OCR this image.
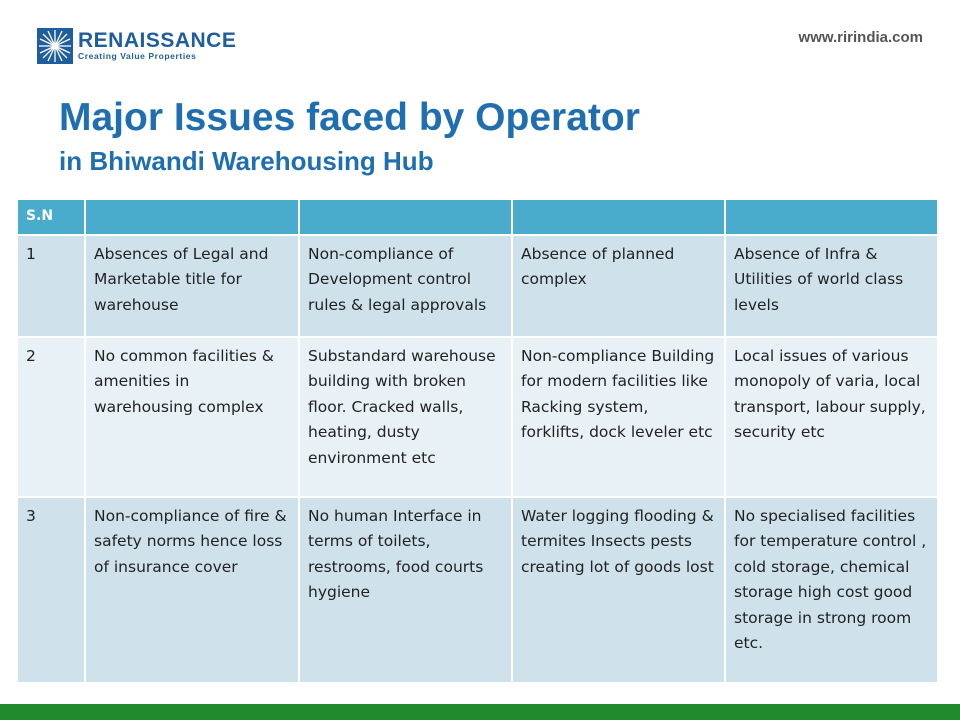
RENAISSANCE
Creating Value Properties
www.ririndia.com
Major Issues faced by Operator
in Bhiwandi Warehousing Hub
S.N				
1	Absences of Legal and Marketable title for warehouse	Non-compliance of Development control rules & legal approvals	Absence of planned complex	Absence of Infra & Utilities of world class levels
2	No common facilities & amenities in warehousing complex	Substandard warehouse building with broken floor. Cracked walls, heating, dusty environment etc	Non-compliance Building for modern facilities like Racking system, forklifts, dock leveler etc	Local issues of various monopoly of varia, local transport, labour supply, security etc
3	Non-compliance of fire & safety norms hence loss of insurance cover	No human Interface in terms of toilets, restrooms, food courts hygiene	Water logging flooding & termites Insects pests creating lot of goods lost	No specialised facilities for temperature control , cold storage, chemical storage high cost good storage in strong room etc.
